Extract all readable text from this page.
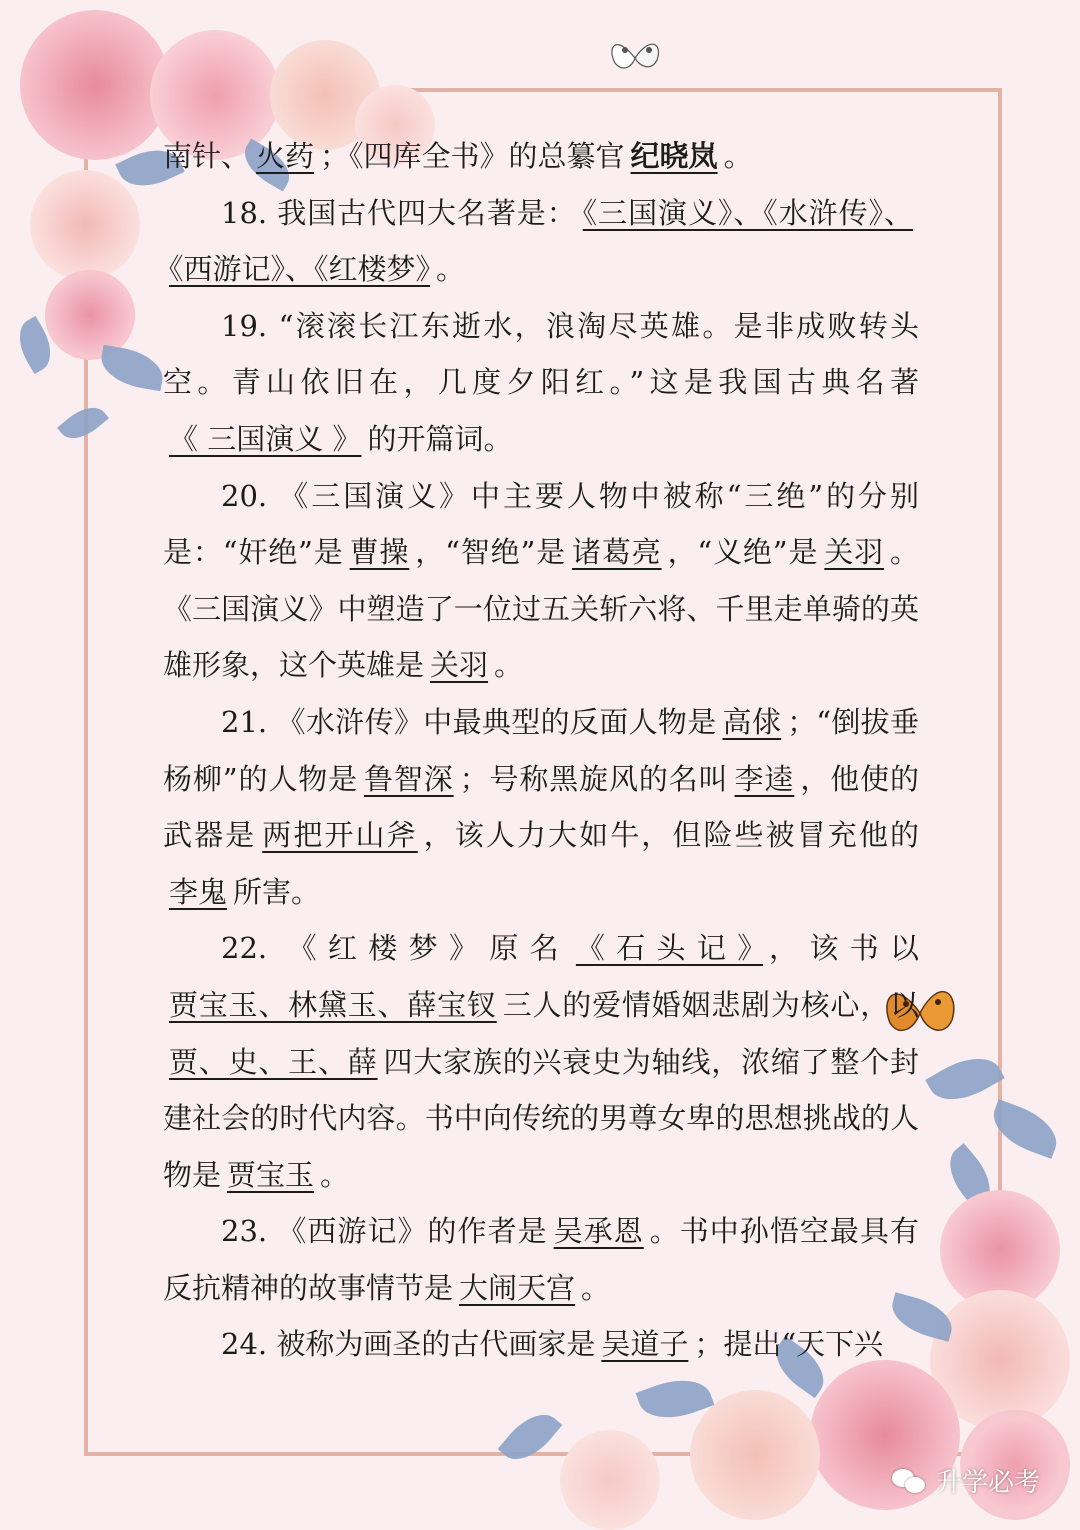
南针、 火药 ；《四库全书》的总纂官 纪晓岚 。

18. 我国古代四大名著是： 《三国演义》、《水浒传》、《西游记》、《红楼梦》 。

19. “滚滚长江东逝水，浪淘尽英雄。是非成败转头空。青山依旧在，几度夕阳红。”这是我国古典名著《 三国演义 》 的开篇词。

20. 《三国演义》中主要人物中被称“三绝”的分别是：“奸绝”是 曹操 ，“智绝”是 诸葛亮 ，“义绝”是 关羽 。《三国演义》中塑造了一位过五关斩六将、千里走单骑的英雄形象，这个英雄是 关羽 。

21. 《水浒传》中最典型的反面人物是 高俅 ；“倒拔垂杨柳”的人物是 鲁智深 ；号称黑旋风的名叫 李逵 ，他使的武器是 两把开山斧 ，该人力大如牛，但险些被冒充他的李鬼 所害。

22. 《红楼梦》原名 《石头记》 ，该书以贾宝玉、林黛玉、薛宝钗 三人的爱情婚姻悲剧为核心，以贾、史、王、薛 四大家族的兴衰史为轴线，浓缩了整个封建社会的时代内容。书中向传统的男尊女卑的思想挑战的人物是 贾宝玉 。

23. 《西游记》的作者是 吴承恩 。书中孙悟空最具有反抗精神的故事情节是 大闹天宫 。

24. 被称为画圣的古代画家是 吴道子 ；提出“天下兴

升学必考
